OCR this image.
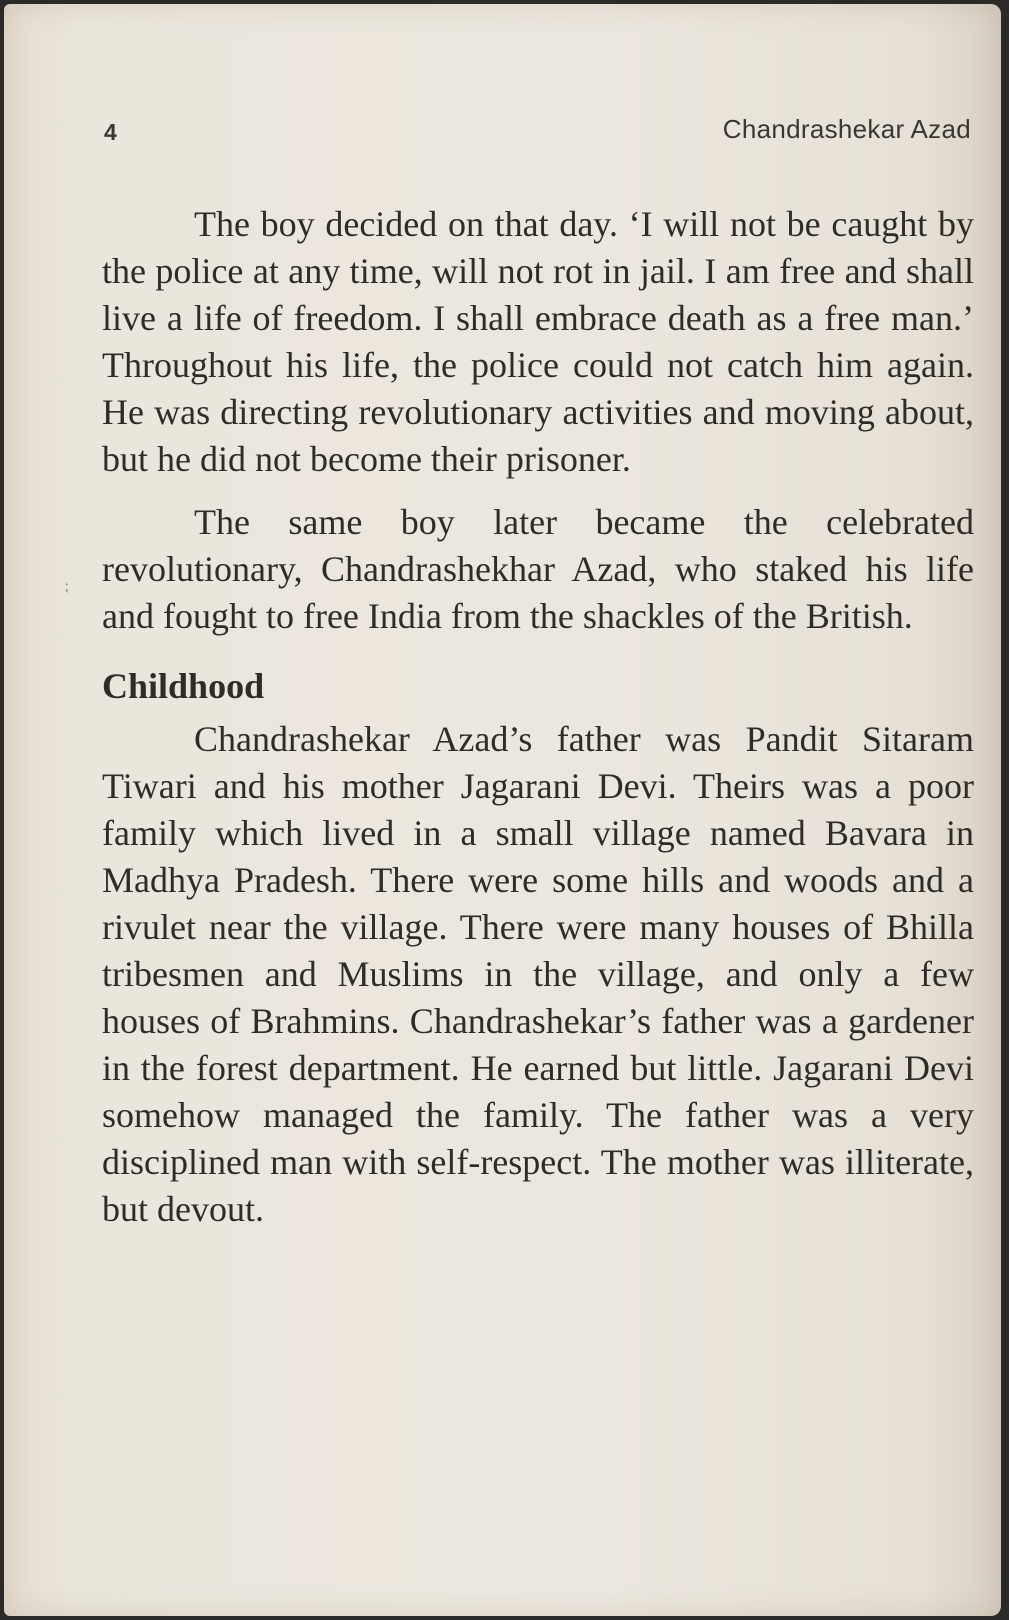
4	Chandrashekar Azad
⁏

The boy decided on that day. ‘I will not be caught by the police at any time, will not rot in jail. I am free and shall live a life of freedom. I shall embrace death as a free man.’ Throughout his life, the police could not catch him again. He was directing revolutionary activities and moving about, but he did not become their prisoner.

The same boy later became the celebrated revolutionary, Chandrashekhar Azad, who staked his life and fought to free India from the shackles of the British.

Childhood

Chandrashekar Azad’s father was Pandit Sitaram Tiwari and his mother Jagarani Devi. Theirs was a poor family which lived in a small village named Bavara in Madhya Pradesh. There were some hills and woods and a rivulet near the village. There were many houses of Bhilla tribesmen and Muslims in the village, and only a few houses of Brahmins. Chandrashekar’s father was a gardener in the forest department. He earned but little. Jagarani Devi somehow managed the family. The father was a very disciplined man with self-respect. The mother was illiterate, but devout.
